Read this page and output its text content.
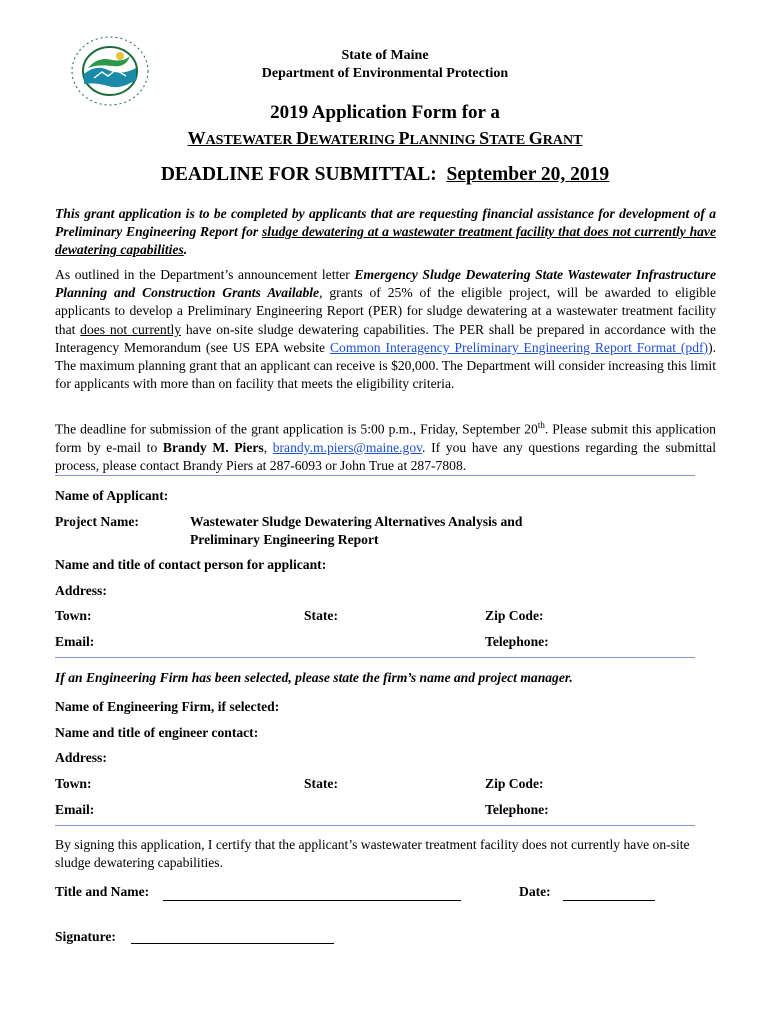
State of Maine
Department of Environmental Protection
2019 Application Form for a
WASTEWATER DEWATERING PLANNING STATE GRANT
DEADLINE FOR SUBMITTAL: September 20, 2019
This grant application is to be completed by applicants that are requesting financial assistance for development of a Preliminary Engineering Report for sludge dewatering at a wastewater treatment facility that does not currently have dewatering capabilities.
As outlined in the Department’s announcement letter Emergency Sludge Dewatering State Wastewater Infrastructure Planning and Construction Grants Available, grants of 25% of the eligible project, will be awarded to eligible applicants to develop a Preliminary Engineering Report (PER) for sludge dewatering at a wastewater treatment facility that does not currently have on-site sludge dewatering capabilities. The PER shall be prepared in accordance with the Interagency Memorandum (see US EPA website Common Interagency Preliminary Engineering Report Format (pdf)). The maximum planning grant that an applicant can receive is $20,000. The Department will consider increasing this limit for applicants with more than on facility that meets the eligibility criteria.
The deadline for submission of the grant application is 5:00 p.m., Friday, September 20th. Please submit this application form by e-mail to Brandy M. Piers, brandy.m.piers@maine.gov. If you have any questions regarding the submittal process, please contact Brandy Piers at 287-6093 or John True at 287-7808.
Name of Applicant:
Project Name:	Wastewater Sludge Dewatering Alternatives Analysis and
Preliminary Engineering Report
Name and title of contact person for applicant:
Address:
Town:	State:	Zip Code:
Email:	Telephone:
If an Engineering Firm has been selected, please state the firm’s name and project manager.
Name of Engineering Firm, if selected:
Name and title of engineer contact:
Address:
Town:	State:	Zip Code:
Email:	Telephone:
By signing this application, I certify that the applicant’s wastewater treatment facility does not currently have on-site sludge dewatering capabilities.
Title and Name:	Date:
Signature:
